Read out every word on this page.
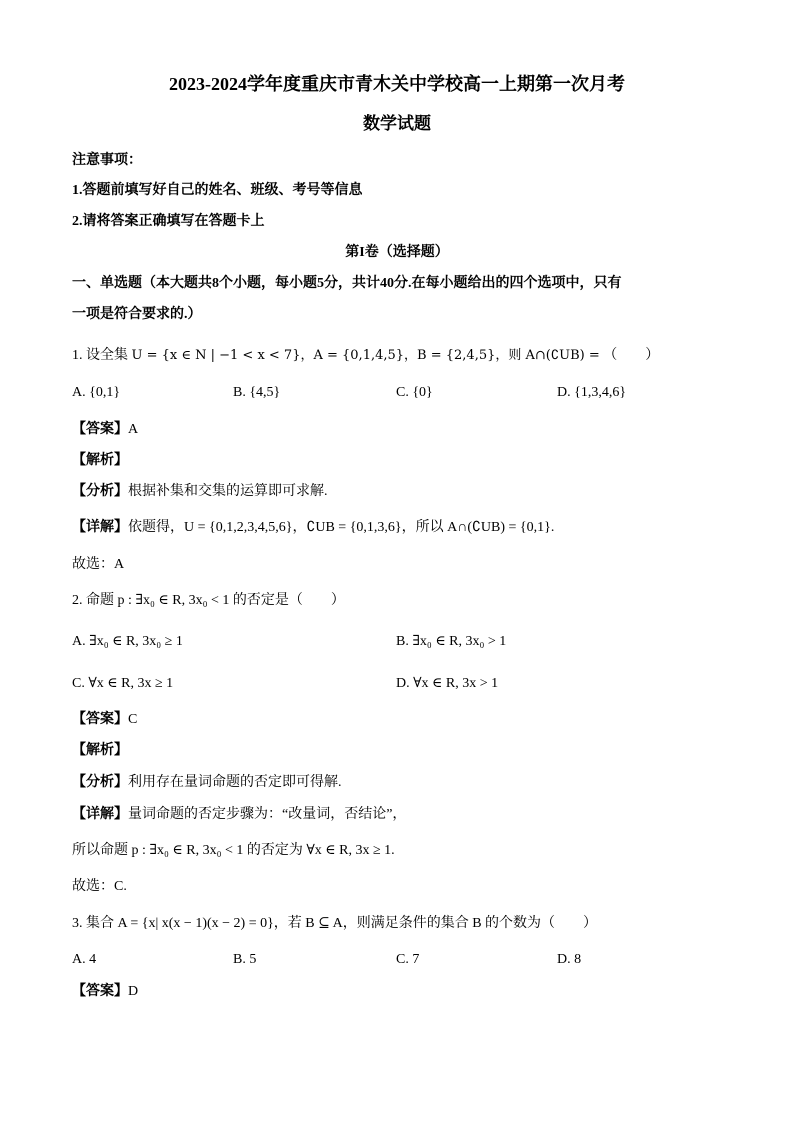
2023-2024学年度重庆市青木关中学校高一上期第一次月考
数学试题
注意事项：
1.答题前填写好自己的姓名、班级、考号等信息
2.请将答案正确填写在答题卡上
第I卷（选择题）
一、单选题（本大题共8个小题，每小题5分，共计40分.在每小题给出的四个选项中，只有
一项是符合要求的.）
1. 设全集 U = {x ∈ N | −1 < x < 7}，A = {0,1,4,5}，B = {2,4,5}，则 A∩(∁UB) = （　　）
A. {0,1}	B. {4,5}	C. {0}	D. {1,3,4,6}
【答案】A
【解析】
【分析】根据补集和交集的运算即可求解.
【详解】依题得，U = {0,1,2,3,4,5,6}，∁UB = {0,1,3,6}，所以 A∩(∁UB) = {0,1}.
故选：A
2. 命题 p : ∃x₀ ∈ R, 3x₀ < 1 的否定是（　　）
A. ∃x₀ ∈ R, 3x₀ ≥ 1	B. ∃x₀ ∈ R, 3x₀ > 1
C. ∀x ∈ R, 3x ≥ 1	D. ∀x ∈ R, 3x > 1
【答案】C
【解析】
【分析】利用存在量词命题的否定即可得解.
【详解】量词命题的否定步骤为：“改量词，否结论”，
所以命题 p : ∃x₀ ∈ R, 3x₀ < 1 的否定为 ∀x ∈ R, 3x ≥ 1.
故选：C.
3. 集合 A = {x| x(x − 1)(x − 2) = 0}，若 B ⊆ A，则满足条件的集合 B 的个数为（　　）
A. 4	B. 5	C. 7	D. 8
【答案】D
